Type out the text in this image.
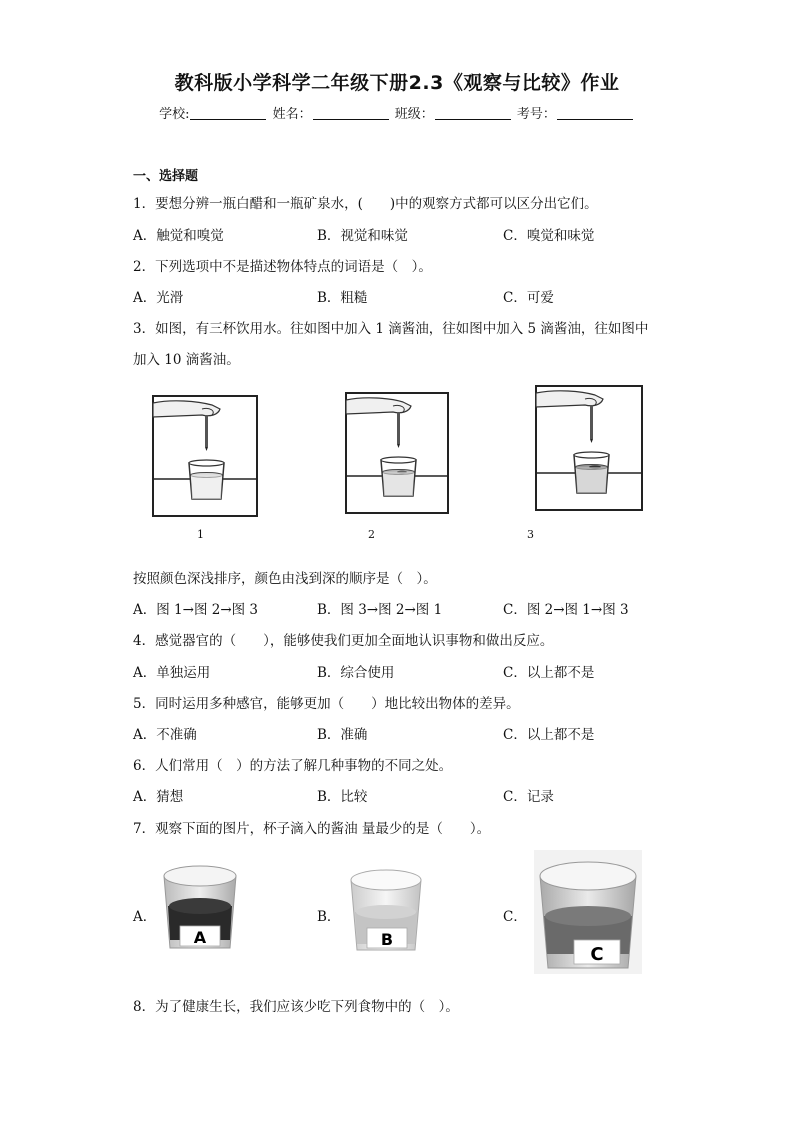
教科版小学科学二年级下册2.3《观察与比较》作业
学校:	姓名：	班级：	考号：
一、选择题
1．要想分辨一瓶白醋和一瓶矿泉水，(　　)中的观察方式都可以区分出它们。
A．触觉和嗅觉	B．视觉和味觉	C．嗅觉和味觉
2．下列选项中不是描述物体特点的词语是（　）。
A．光滑	B．粗糙	C．可爱
3．如图，有三杯饮用水。往如图中加入 1 滴酱油，往如图中加入 5 滴酱油，往如图中
加入 10 滴酱油。
1	2	3
按照颜色深浅排序，颜色由浅到深的顺序是（　）。
A．图 1→图 2→图 3	B．图 3→图 2→图 1	C．图 2→图 1→图 3
4．感觉器官的（　　），能够使我们更加全面地认识事物和做出反应。
A．单独运用	B．综合使用	C．以上都不是
5．同时运用多种感官，能够更加（　　）地比较出物体的差异。
A．不准确	B．准确	C．以上都不是
6．人们常用（　）的方法了解几种事物的不同之处。
A．猜想	B．比较	C．记录
7．观察下面的图片，杯子滴入的酱油 量最少的是（　　）。
A．
A
B．
B
C．
C
8．为了健康生长，我们应该少吃下列食物中的（　）。
